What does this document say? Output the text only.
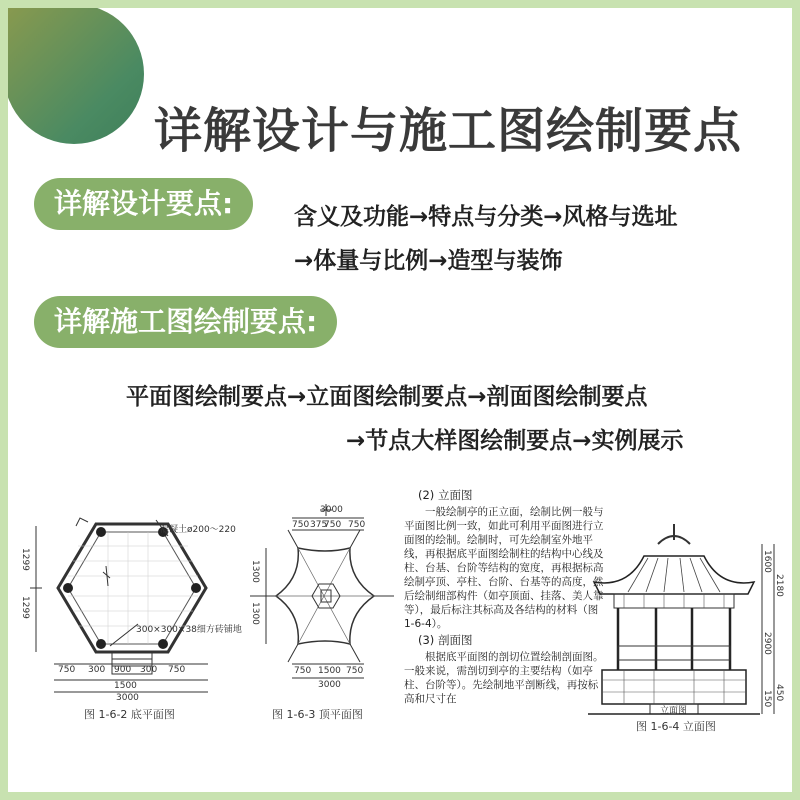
详解设计与施工图绘制要点
详解设计要点:	含义及功能→特点与分类→风格与选址
→体量与比例→造型与装饰
详解施工图绘制要点:
平面图绘制要点→立面图绘制要点→剖面图绘制要点
→节点大样图绘制要点→实例展示
混凝土ø200～220
300×300×38细方砖铺地
750 300 900 300 750
1500
3000
1299
1299
图 1-6-2 底平面图
3000
750 375
750 750
750 1500 750
3000
1300
1300
图 1-6-3 顶平面图
(2) 立面图

一般绘制亭的正立面，绘制比例一般与平面图比例一致，如此可利用平面图进行立面图的绘制。绘制时，可先绘制室外地平线，再根据底平面图绘制柱的结构中心线及柱、台基、台阶等结构的宽度，再根据标高绘制亭顶、亭柱、台阶、台基等的高度，然后绘制细部构件（如亭顶面、挂落、美人靠等），最后标注其标高及各结构的材料（图 1-6-4）。

(3) 剖面图

根据底平面图的剖切位置绘制剖面图。一般来说，需剖切到亭的主要结构（如亭柱、台阶等）。先绘制地平剖断线，再按标高和尺寸在

1600
2180
2900
150 450
立面图
图 1-6-4 立面图
